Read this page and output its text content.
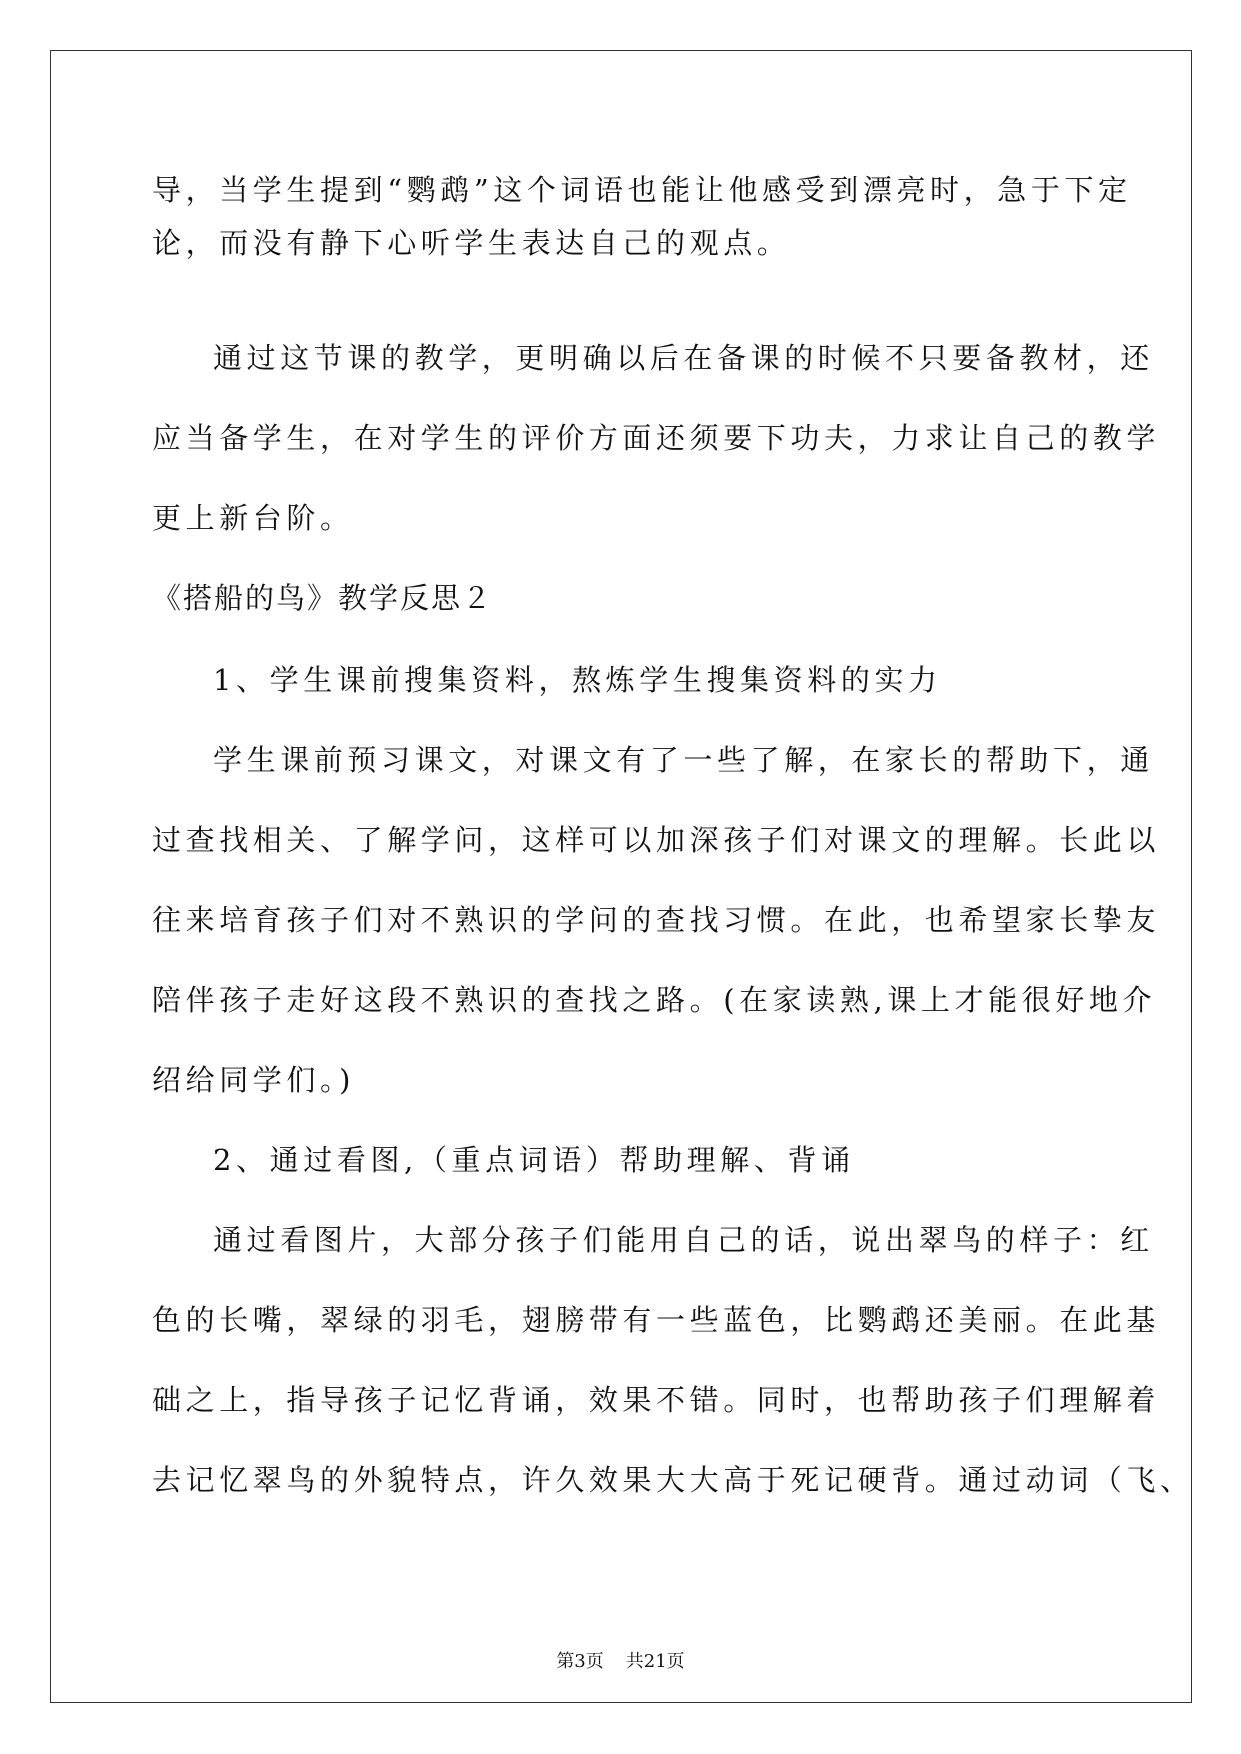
导，当学生提到“鹦鹉”这个词语也能让他感受到漂亮时，急于下定
论，而没有静下心听学生表达自己的观点。
通过这节课的教学，更明确以后在备课的时候不只要备教材，还
应当备学生，在对学生的评价方面还须要下功夫，力求让自己的教学
更上新台阶。
《搭船的鸟》教学反思２
1、学生课前搜集资料，熬炼学生搜集资料的实力
学生课前预习课文，对课文有了一些了解，在家长的帮助下，通
过查找相关、了解学问，这样可以加深孩子们对课文的理解。长此以
往来培育孩子们对不熟识的学问的查找习惯。在此，也希望家长挚友
陪伴孩子走好这段不熟识的查找之路。(在家读熟,课上才能很好地介
绍给同学们。)
2、通过看图,（重点词语）帮助理解、背诵
通过看图片，大部分孩子们能用自己的话，说出翠鸟的样子：红
色的长嘴，翠绿的羽毛，翅膀带有一些蓝色，比鹦鹉还美丽。在此基
础之上，指导孩子记忆背诵，效果不错。同时，也帮助孩子们理解着
去记忆翠鸟的外貌特点，许久效果大大高于死记硬背。通过动词（飞、
第3页 共21页
